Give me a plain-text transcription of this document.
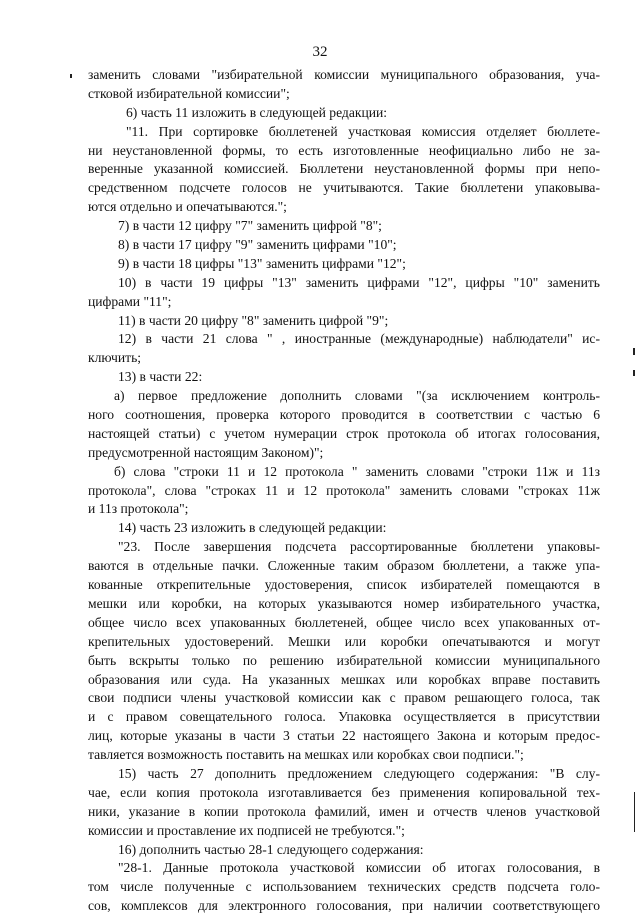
32
заменить словами "избирательной комиссии муниципального образования, уча-
стковой избирательной комиссии";
6) часть 11 изложить в следующей редакции:
"11. При сортировке бюллетеней участковая комиссия отделяет бюллете-
ни неустановленной формы, то есть изготовленные неофициально либо не за-
веренные указанной комиссией. Бюллетени неустановленной формы при непо-
средственном подсчете голосов не учитываются. Такие бюллетени упаковыва-
ются отдельно и опечатываются.";
7) в части 12 цифру "7" заменить цифрой "8";
8) в части 17 цифру "9" заменить цифрами "10";
9) в части 18 цифры "13" заменить цифрами "12";
10) в части 19 цифры "13" заменить цифрами "12", цифры "10" заменить
цифрами "11";
11) в части 20 цифру "8" заменить цифрой "9";
12) в части 21 слова " , иностранные (международные) наблюдатели" ис-
ключить;
13) в части 22:
а) первое предложение дополнить словами "(за исключением контроль-
ного соотношения, проверка которого проводится в соответствии с частью 6
настоящей статьи) с учетом нумерации строк протокола об итогах голосования,
предусмотренной настоящим Законом)";
б) слова "строки 11 и 12 протокола " заменить словами "строки 11ж и 11з
протокола", слова "строках 11 и 12 протокола" заменить словами "строках 11ж
и 11з протокола";
14) часть 23 изложить в следующей редакции:
"23. После завершения подсчета рассортированные бюллетени упаковы-
ваются в отдельные пачки. Сложенные таким образом бюллетени, а также упа-
кованные открепительные удостоверения, список избирателей помещаются в
мешки или коробки, на которых указываются номер избирательного участка,
общее число всех упакованных бюллетеней, общее число всех упакованных от-
крепительных удостоверений. Мешки или коробки опечатываются и могут
быть вскрыты только по решению избирательной комиссии муниципального
образования или суда. На указанных мешках или коробках вправе поставить
свои подписи члены участковой комиссии как с правом решающего голоса, так
и с правом совещательного голоса. Упаковка осуществляется в присутствии
лиц, которые указаны в части 3 статьи 22 настоящего Закона и которым предос-
тавляется возможность поставить на мешках или коробках свои подписи.";
15) часть 27 дополнить предложением следующего содержания: "В слу-
чае, если копия протокола изготавливается без применения копировальной тех-
ники, указание в копии протокола фамилий, имен и отчеств членов участковой
комиссии и проставление их подписей не требуются.";
16) дополнить частью 28-1 следующего содержания:
"28-1. Данные протокола участковой комиссии об итогах голосования, в
том числе полученные с использованием технических средств подсчета голо-
сов, комплексов для электронного голосования, при наличии соответствующего
